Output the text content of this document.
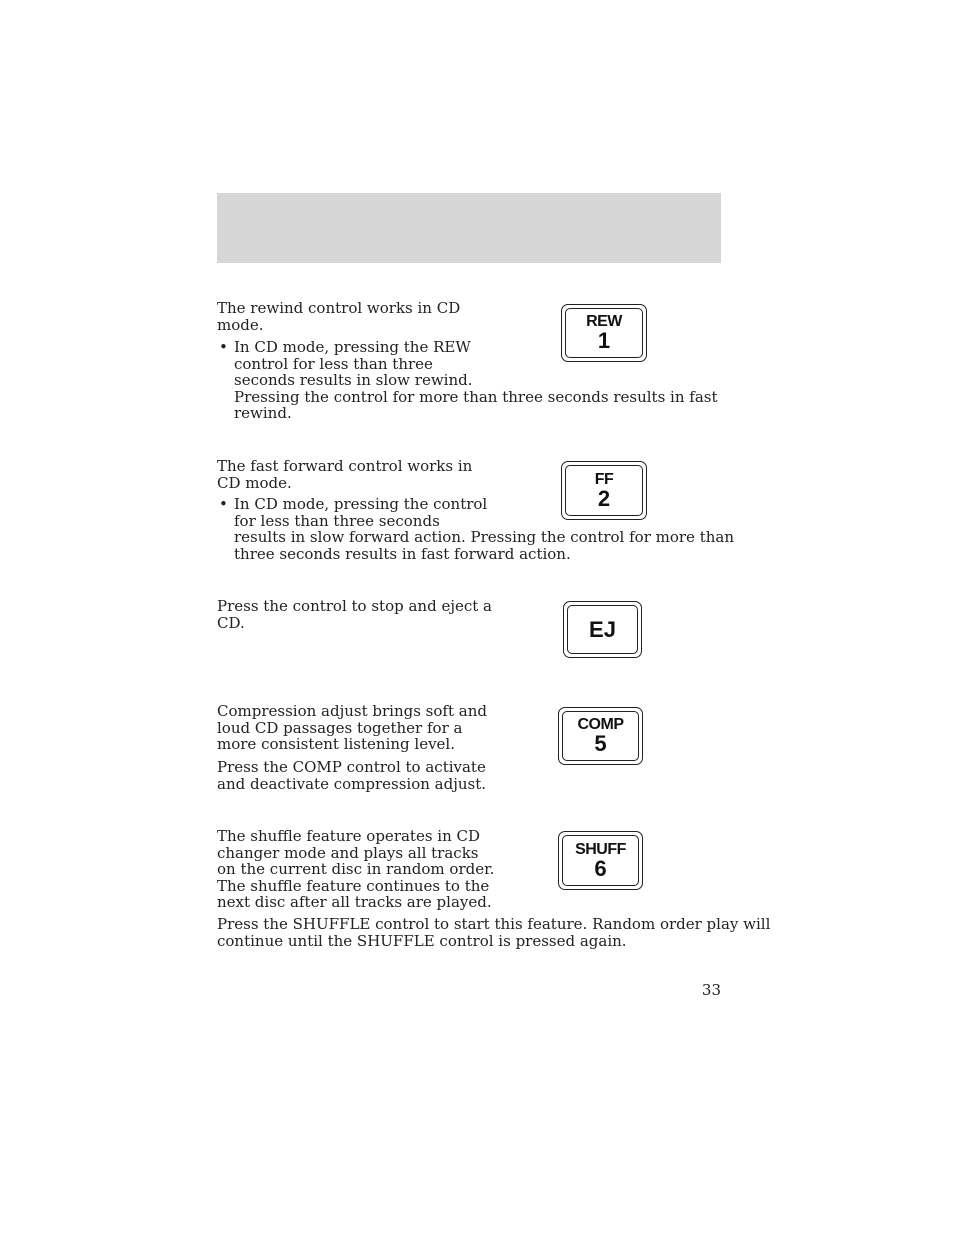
The rewind control works in CD
mode.
• In CD mode, pressing the REW
control for less than three
seconds results in slow rewind.
Pressing the control for more than three seconds results in fast
rewind.
REW
1
The fast forward control works in
CD mode.
• In CD mode, pressing the control
for less than three seconds
results in slow forward action. Pressing the control for more than
three seconds results in fast forward action.
FF
2
Press the control to stop and eject a
CD.	EJ
Compression adjust brings soft and
loud CD passages together for a
more consistent listening level.
Press the COMP control to activate
and deactivate compression adjust.
COMP
5
The shuffle feature operates in CD
changer mode and plays all tracks
on the current disc in random order.
The shuffle feature continues to the
next disc after all tracks are played.
Press the SHUFFLE control to start this feature. Random order play will
continue until the SHUFFLE control is pressed again.
SHUFF
6
33
